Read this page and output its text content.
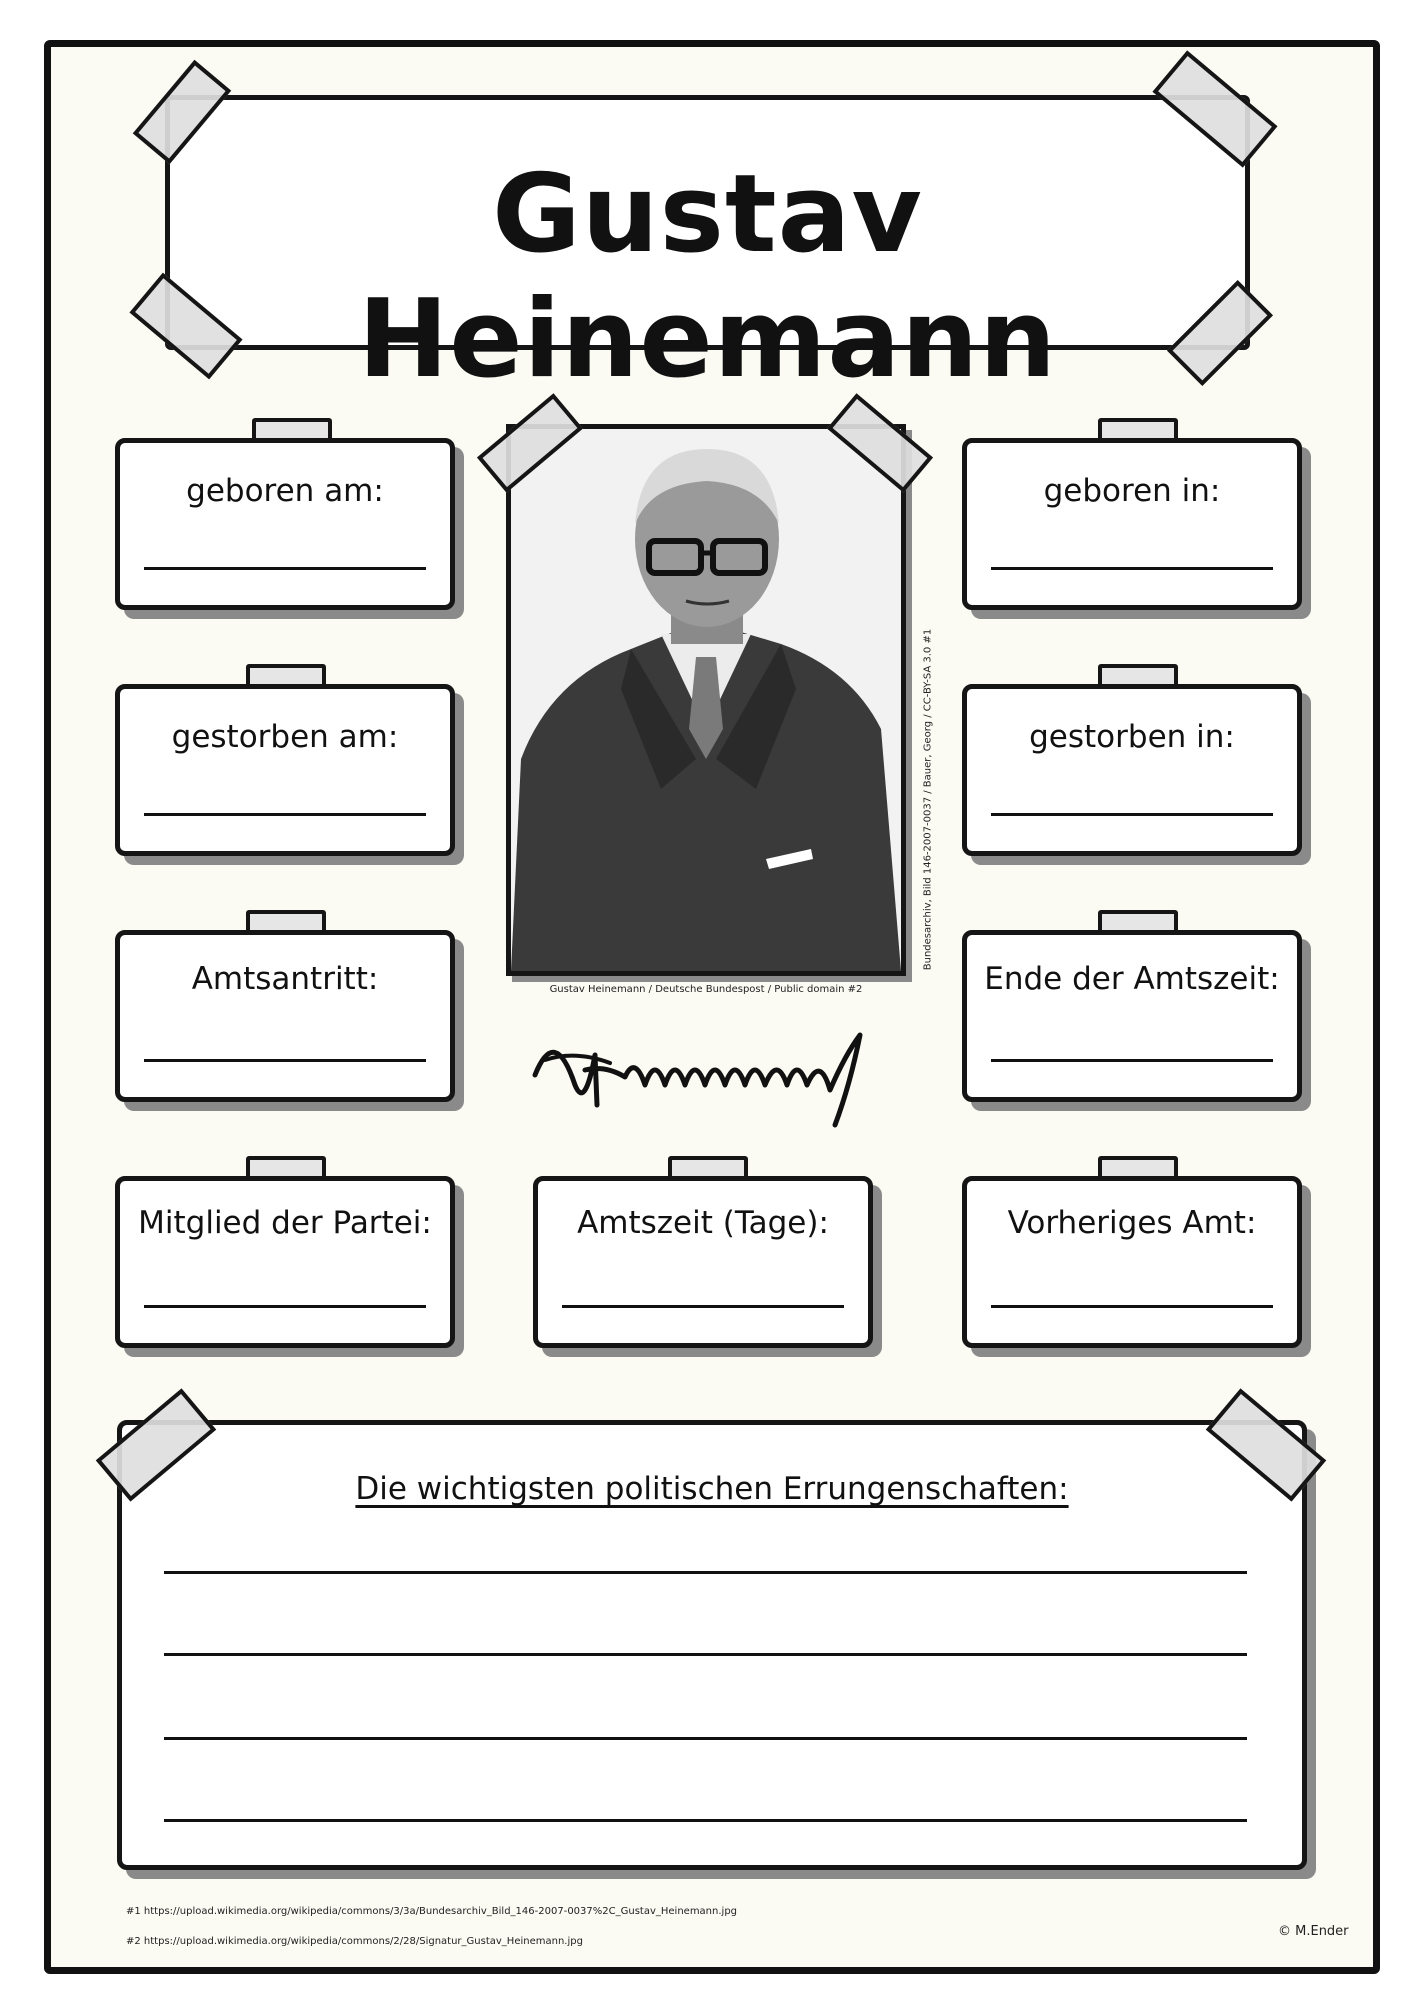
Gustav Heinemann
geboren am:	geboren in:
gestorben am:	gestorben in:
Amtsantritt:	Ende der Amtszeit:
Mitglied der Partei:	Amtszeit (Tage):	Vorheriges Amt:
Bundesarchiv, Bild 146-2007-0037 / Bauer, Georg / CC-BY-SA 3.0 #1
Gustav Heinemann / Deutsche Bundespost / Public domain #2
Die wichtigsten politischen Errungenschaften:
#1 https://upload.wikimedia.org/wikipedia/commons/3/3a/Bundesarchiv_Bild_146-2007-0037%2C_Gustav_Heinemann.jpg
#2 https://upload.wikimedia.org/wikipedia/commons/2/28/Signatur_Gustav_Heinemann.jpg
© M.Ender
